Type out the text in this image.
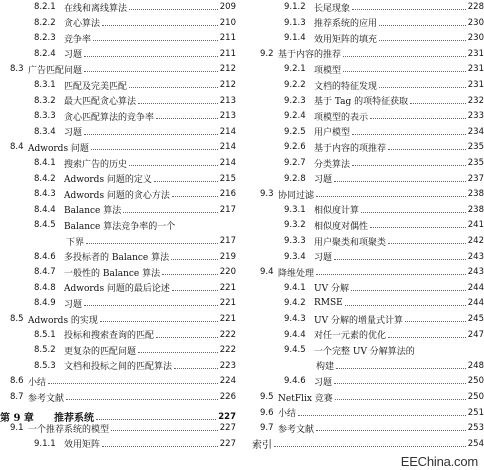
8.2.1 在线和离线算法	209
8.2.2 贪心算法	210
8.2.3 竞争率	211
8.2.4 习题	211
8.3 广告匹配问题	212
8.3.1 匹配及完美匹配	212
8.3.2 最大匹配贪心算法	213
8.3.3 贪心匹配算法的竞争率	213
8.3.4 习题	214
8.4 Adwords 问题	214
8.4.1 搜索广告的历史	214
8.4.2 Adwords 问题的定义	215
8.4.3 Adwords 问题的贪心方法	216
8.4.4 Balance 算法	217
8.4.5 Balance 算法竞争率的一个
下界	217
8.4.6 多投标者的 Balance 算法	219
8.4.7 一般性的 Balance 算法	220
8.4.8 Adwords 问题的最后论述	221
8.4.9 习题	221
8.5 Adwords 的实现	221
8.5.1 投标和搜索查询的匹配	222
8.5.2 更复杂的匹配问题	222
8.5.3 文档和投标之间的匹配算法	223
8.6 小结	224
8.7 参考文献	226
第 9 章	推荐系统	227
9.1 一个推荐系统的模型	227
9.1.1 效用矩阵	227
9.1.2 长尾现象	228
9.1.3 推荐系统的应用	230
9.1.4 效用矩阵的填充	230
9.2 基于内容的推荐	231
9.2.1 项模型	231
9.2.2 文档的特征发现	231
9.2.3 基于 Tag 的项特征获取	232
9.2.4 项模型的表示	233
9.2.5 用户模型	234
9.2.6 基于内容的项推荐	235
9.2.7 分类算法	235
9.2.8 习题	237
9.3 协同过滤	238
9.3.1 相似度计算	238
9.3.2 相似度对偶性	241
9.3.3 用户聚类和项聚类	242
9.3.4 习题	243
9.4 降维处理	243
9.4.1 UV 分解	244
9.4.2 RMSE	244
9.4.3 UV 分解的增量式计算	245
9.4.4 对任一元素的优化	247
9.4.5 一个完整 UV 分解算法的
构建	248
9.4.6 习题	250
9.5 NetFlix 竞赛	250
9.6 小结	251
9.7 参考文献	253
索引	254
EEChina.com
